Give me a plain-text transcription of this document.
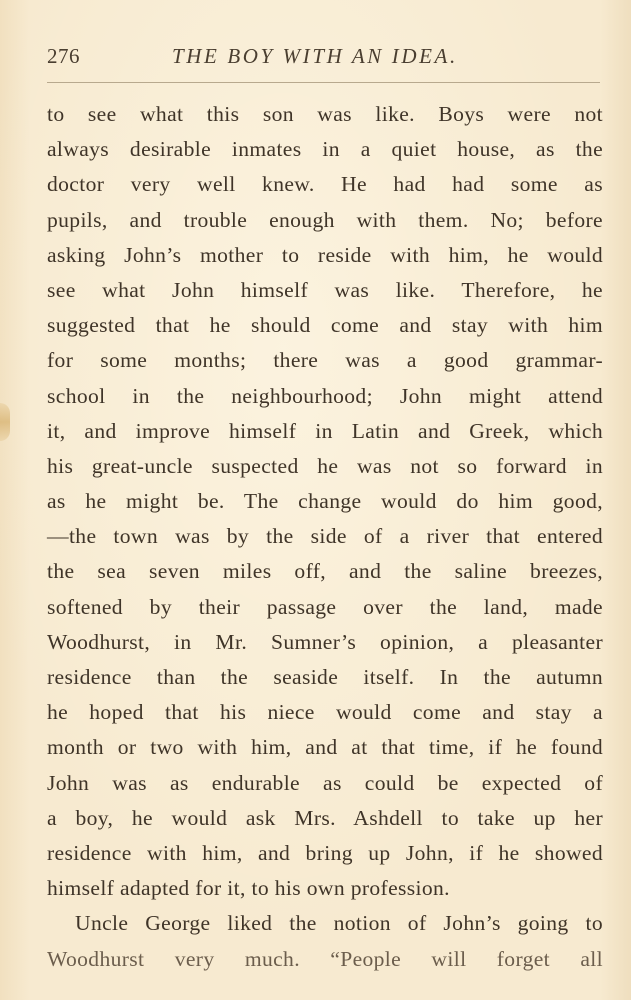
276	THE BOY WITH AN IDEA.
to see what this son was like. Boys were not
always desirable inmates in a quiet house, as the
doctor very well knew. He had had some as
pupils, and trouble enough with them. No; before
asking John’s mother to reside with him, he would
see what John himself was like. Therefore, he
suggested that he should come and stay with him
for some months; there was a good grammar-
school in the neighbourhood; John might attend
it, and improve himself in Latin and Greek, which
his great-uncle suspected he was not so forward in
as he might be. The change would do him good,
—the town was by the side of a river that entered
the sea seven miles off, and the saline breezes,
softened by their passage over the land, made
Woodhurst, in Mr. Sumner’s opinion, a pleasanter
residence than the seaside itself. In the autumn
he hoped that his niece would come and stay a
month or two with him, and at that time, if he found
John was as endurable as could be expected of
a boy, he would ask Mrs. Ashdell to take up her
residence with him, and bring up John, if he showed
himself adapted for it, to his own profession.
Uncle George liked the notion of John’s going to
Woodhurst very much. “People will forget all
